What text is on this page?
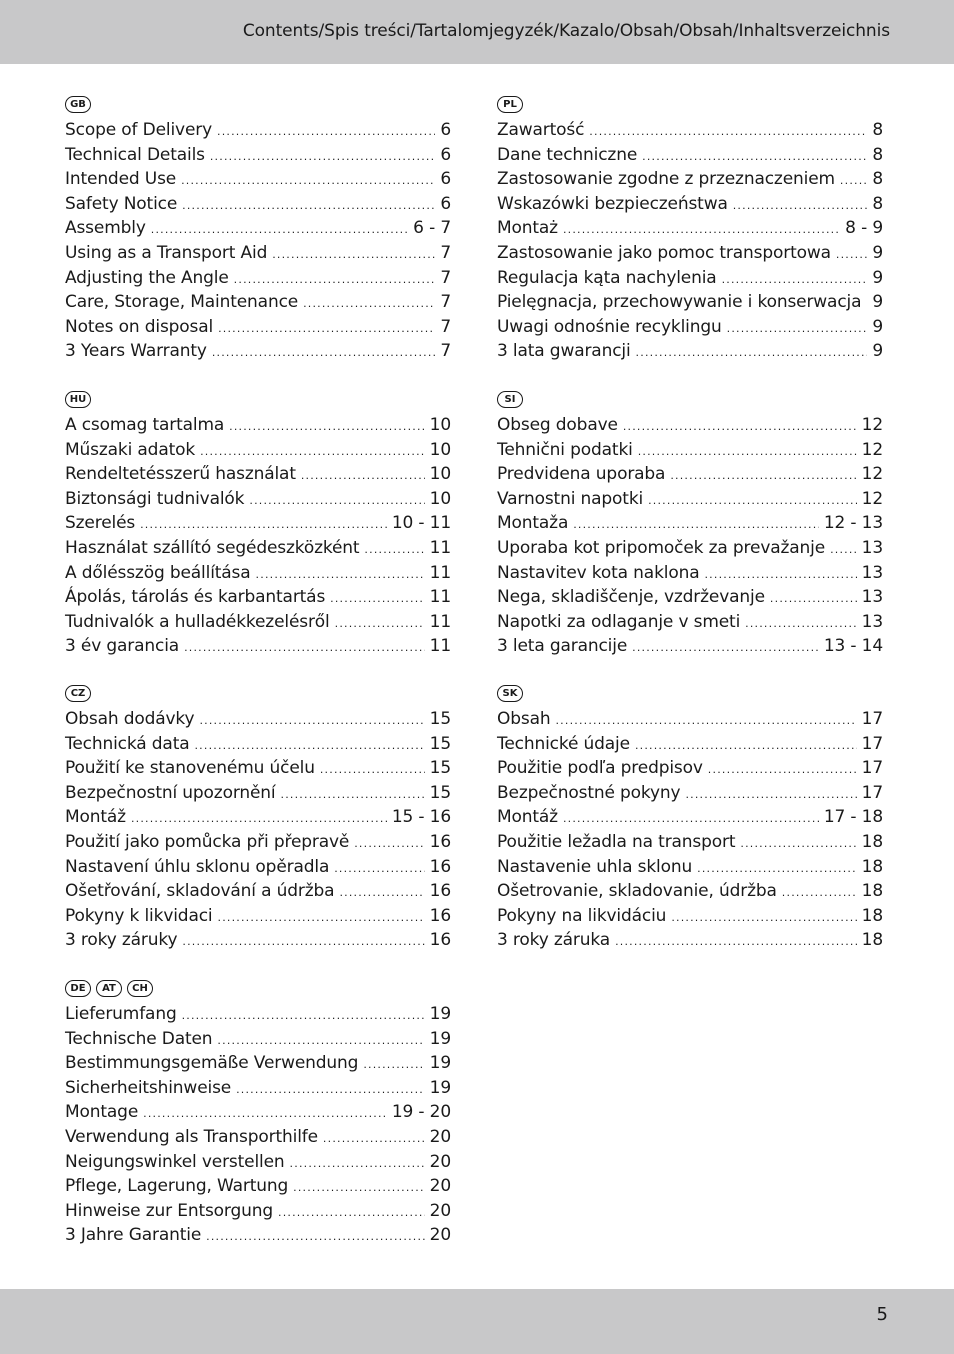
Contents/Spis treści/Tartalomjegyzék/Kazalo/Obsah/Obsah/Inhaltsverzeichnis
GB
Scope of Delivery .....	6
Technical Details .....	6
Intended Use .....	6
Safety Notice .....	6
Assembly .....	6 - 7
Using as a Transport Aid .....	7
Adjusting the Angle .....	7
Care, Storage, Maintenance .....	7
Notes on disposal .....	7
3 Years Warranty .....	7
PL
Zawartość .....	8
Dane techniczne .....	8
Zastosowanie zgodne z przeznaczeniem ..... 8
Wskazówki bezpieczeństwa .....	8
Montaż .....	8 - 9
Zastosowanie jako pomoc transportowa ..... 9
Regulacja kąta nachylenia .....	9
Pielęgnacja, przechowywanie i konserwacja ..... 9
Uwagi odnośnie recyklingu .....	9
3 lata gwarancji .....	9
HU
A csomag tartalma .....	10
Műszaki adatok .....	10
Rendeltetésszerű használat .....	10
Biztonsági tudnivalók .....	10
Szerelés .....	10 - 11
Használat szállító segédeszközként .....	11
A dőlésszög beállítása .....	11
Ápolás, tárolás és karbantartás .....	11
Tudnivalók a hulladékkezelésről .....	11
3 év garancia .....	11
SI
Obseg dobave .....	12
Tehnični podatki .....	12
Predvidena uporaba .....	12
Varnostni napotki .....	12
Montaža .....	12 - 13
Uporaba kot pripomoček za prevažanje ..... 13
Nastavitev kota naklona .....	13
Nega, skladiščenje, vzdrževanje .....	13
Napotki za odlaganje v smeti .....	13
3 leta garancije .....	13 - 14
CZ
Obsah dodávky .....	15
Technická data .....	15
Použití ke stanovenému účelu .....	15
Bezpečnostní upozornění .....	15
Montáž .....	15 - 16
Použití jako pomůcka při přepravě .....	16
Nastavení úhlu sklonu opěradla .....	16
Ošetřování, skladování a údržba .....	16
Pokyny k likvidaci .....	16
3 roky záruky .....	16
SK
Obsah .....	17
Technické údaje .....	17
Použitie podľa predpisov .....	17
Bezpečnostné pokyny .....	17
Montáž .....	17 - 18
Použitie ležadla na transport .....	18
Nastavenie uhla sklonu .....	18
Ošetrovanie, skladovanie, údržba .....	18
Pokyny na likvidáciu .....	18
3 roky záruka .....	18
DE	AT	CH
Lieferumfang .....	19
Technische Daten .....	19
Bestimmungsgemäße Verwendung .....	19
Sicherheitshinweise .....	19
Montage .....	19 - 20
Verwendung als Transporthilfe .....	20
Neigungswinkel verstellen .....	20
Pflege, Lagerung, Wartung .....	20
Hinweise zur Entsorgung .....	20
3 Jahre Garantie .....	20
5
